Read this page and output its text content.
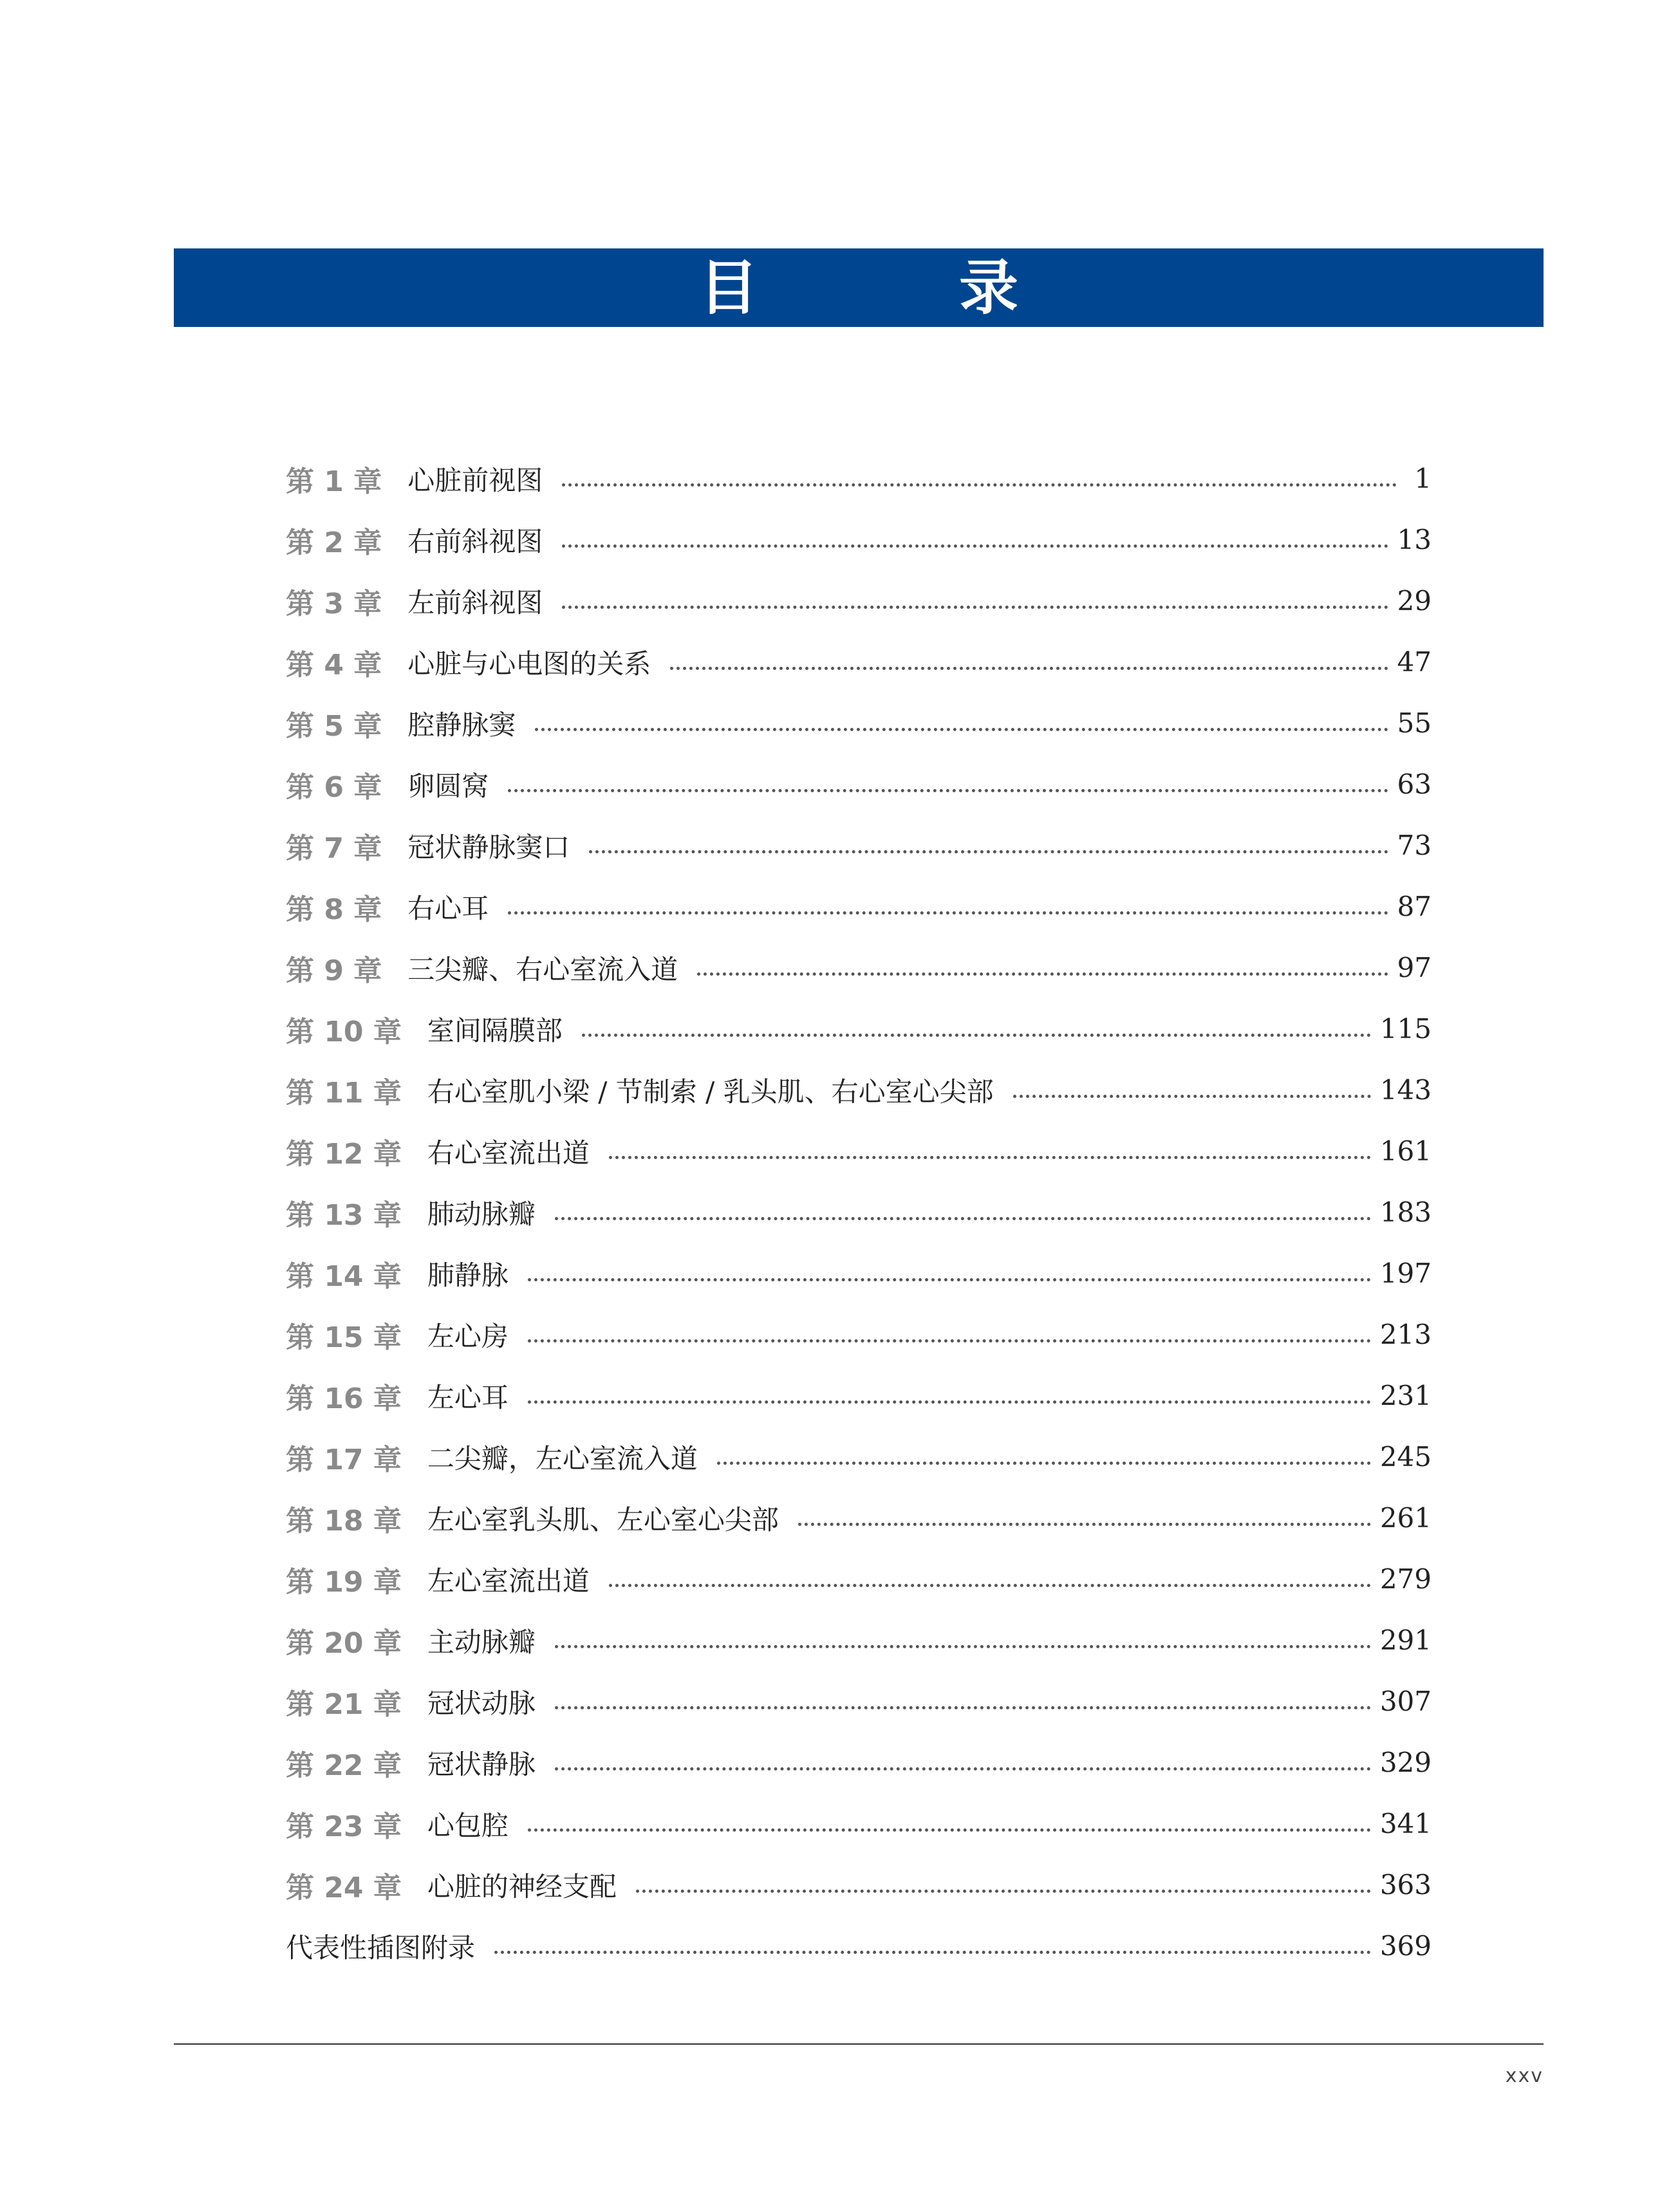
目 录
第 1 章 心脏前视图	1
第 2 章 右前斜视图	13
第 3 章 左前斜视图	29
第 4 章 心脏与心电图的关系	47
第 5 章 腔静脉窦	55
第 6 章 卵圆窝	63
第 7 章 冠状静脉窦口	73
第 8 章 右心耳	87
第 9 章 三尖瓣、右心室流入道	97
第 10 章 室间隔膜部	115
第 11 章 右心室肌小梁 / 节制索 / 乳头肌、右心室心尖部	143
第 12 章 右心室流出道	161
第 13 章 肺动脉瓣	183
第 14 章 肺静脉	197
第 15 章 左心房	213
第 16 章 左心耳	231
第 17 章 二尖瓣，左心室流入道	245
第 18 章 左心室乳头肌、左心室心尖部	261
第 19 章 左心室流出道	279
第 20 章 主动脉瓣	291
第 21 章 冠状动脉	307
第 22 章 冠状静脉	329
第 23 章 心包腔	341
第 24 章 心脏的神经支配	363
代表性插图附录	369
xxv
